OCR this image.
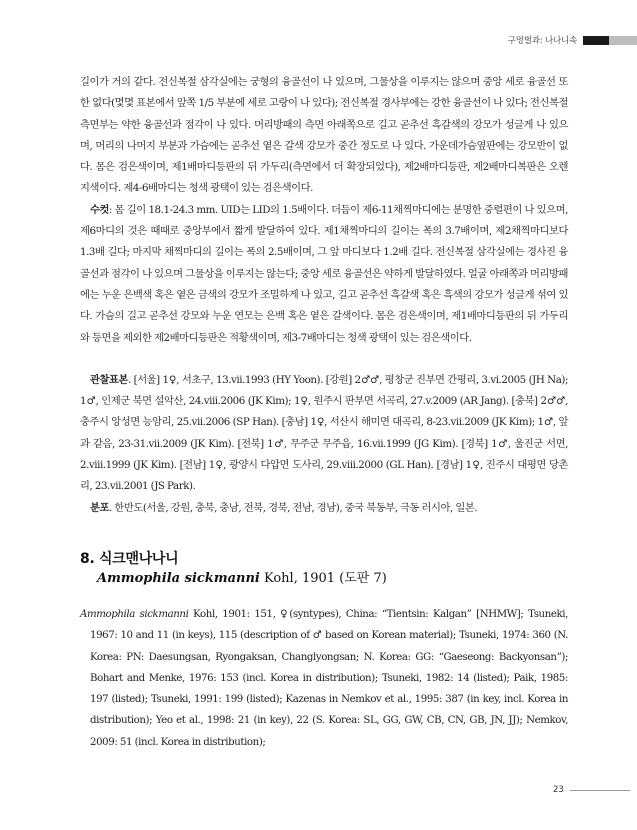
구멍벌과: 나나니속

길이가 거의 같다. 전신복절 삼각실에는 궁형의 융골선이 나 있으며, 그물상을 이루지는 않으며 중앙 세로 융골선 또한 없다(몇몇 표본에서 앞쪽 1/5 부분에 세로 고랑이 나 있다); 전신복절 경사부에는 강한 융골선이 나 있다; 전신복절 측면부는 약한 융골선과 점각이 나 있다. 머리방패의 측면 아래쪽으로 길고 곧추선 흑갈색의 강모가 성글게 나 있으며, 머리의 나머지 부분과 가슴에는 곧추선 옅은 갈색 강모가 중간 정도로 나 있다. 가운데가슴옆판에는 강모반이 없다. 몸은 검은색이며, 제1배마디등판의 뒤 가두리(측면에서 더 확장되었다), 제2배마디등판, 제2배마디복판은 오렌지색이다. 제4-6배마디는 청색 광택이 있는 검은색이다.

수컷: 몸 길이 18.1-24.3 mm. UID는 LID의 1.5배이다. 더듬이 제6-11채찍마디에는 분명한 중렬편이 나 있으며, 제6마디의 것은 때때로 중앙부에서 짧게 발달하여 있다. 제1채찍마디의 길이는 폭의 3.7배이며, 제2채찍마디보다 1.3배 길다; 마지막 채찍마디의 길이는 폭의 2.5배이며, 그 앞 마디보다 1.2배 길다. 전신복절 삼각실에는 경사진 융골선과 점각이 나 있으며 그물상을 이루지는 않는다; 중앙 세로 융골선은 약하게 발달하였다. 얼굴 아래쪽과 머리방패에는 누운 은백색 혹은 옅은 금색의 강모가 조밀하게 나 있고, 길고 곧추선 흑갈색 혹은 흑색의 강모가 성글게 섞여 있다. 가슴의 길고 곧추선 강모와 누운 연모는 은백 혹은 옅은 갈색이다. 몸은 검은색이며, 제1배마디등판의 뒤 가두리와 등면을 제외한 제2배마디등판은 적황색이며, 제3-7배마디는 청색 광택이 있는 검은색이다.

관찰표본. [서울] 1♀, 서초구, 13.vii.1993 (HY Yoon). [강원] 2♂♂, 평창군 진부면 간평리, 3.vi.2005 (JH Na); 1♂, 인제군 북면 설악산, 24.viii.2006 (JK Kim); 1♀, 원주시 판부면 서곡리, 27.v.2009 (AR Jang). [충북] 2♂♂, 충주시 앙성면 능암리, 25.vii.2006 (SP Han). [충남] 1♀, 서산시 해미면 대곡리, 8-23.vii.2009 (JK Kim); 1♂, 앞과 같음, 23-31.vii.2009 (JK Kim). [전북] 1♂, 무주군 무주읍, 16.vii.1999 (JG Kim). [경북] 1♂, 울진군 서면, 2.viii.1999 (JK Kim). [전남] 1♀, 광양시 다압면 도사리, 29.viii.2000 (GL Han). [경남] 1♀, 진주시 대평면 당촌리, 23.vii.2001 (JS Park).

분포. 한반도(서울, 강원, 충북, 충남, 전북, 경북, 전남, 경남), 중국 북동부, 극동 러시아, 일본.

8. 식크맨나나니
Ammophila sickmanni Kohl, 1901 (도판 7)

Ammophila sickmanni Kohl, 1901: 151, ♀(syntypes), China: “Tientsin: Kalgan” [NHMW]; Tsuneki, 1967: 10 and 11 (in keys), 115 (description of ♂ based on Korean material); Tsuneki, 1974: 360 (N. Korea: PN: Daesungsan, Ryongaksan, Changlyongsan; N. Korea: GG: “Gaeseong: Backyonsan”); Bohart and Menke, 1976: 153 (incl. Korea in distribution); Tsuneki, 1982: 14 (listed); Paik, 1985: 197 (listed); Tsuneki, 1991: 199 (listed); Kazenas in Nemkov et al., 1995: 387 (in key, incl. Korea in distribution); Yeo et al., 1998: 21 (in key), 22 (S. Korea: SL, GG, GW, CB, CN, GB, JN, JJ); Nemkov, 2009: 51 (incl. Korea in distribution);

23
